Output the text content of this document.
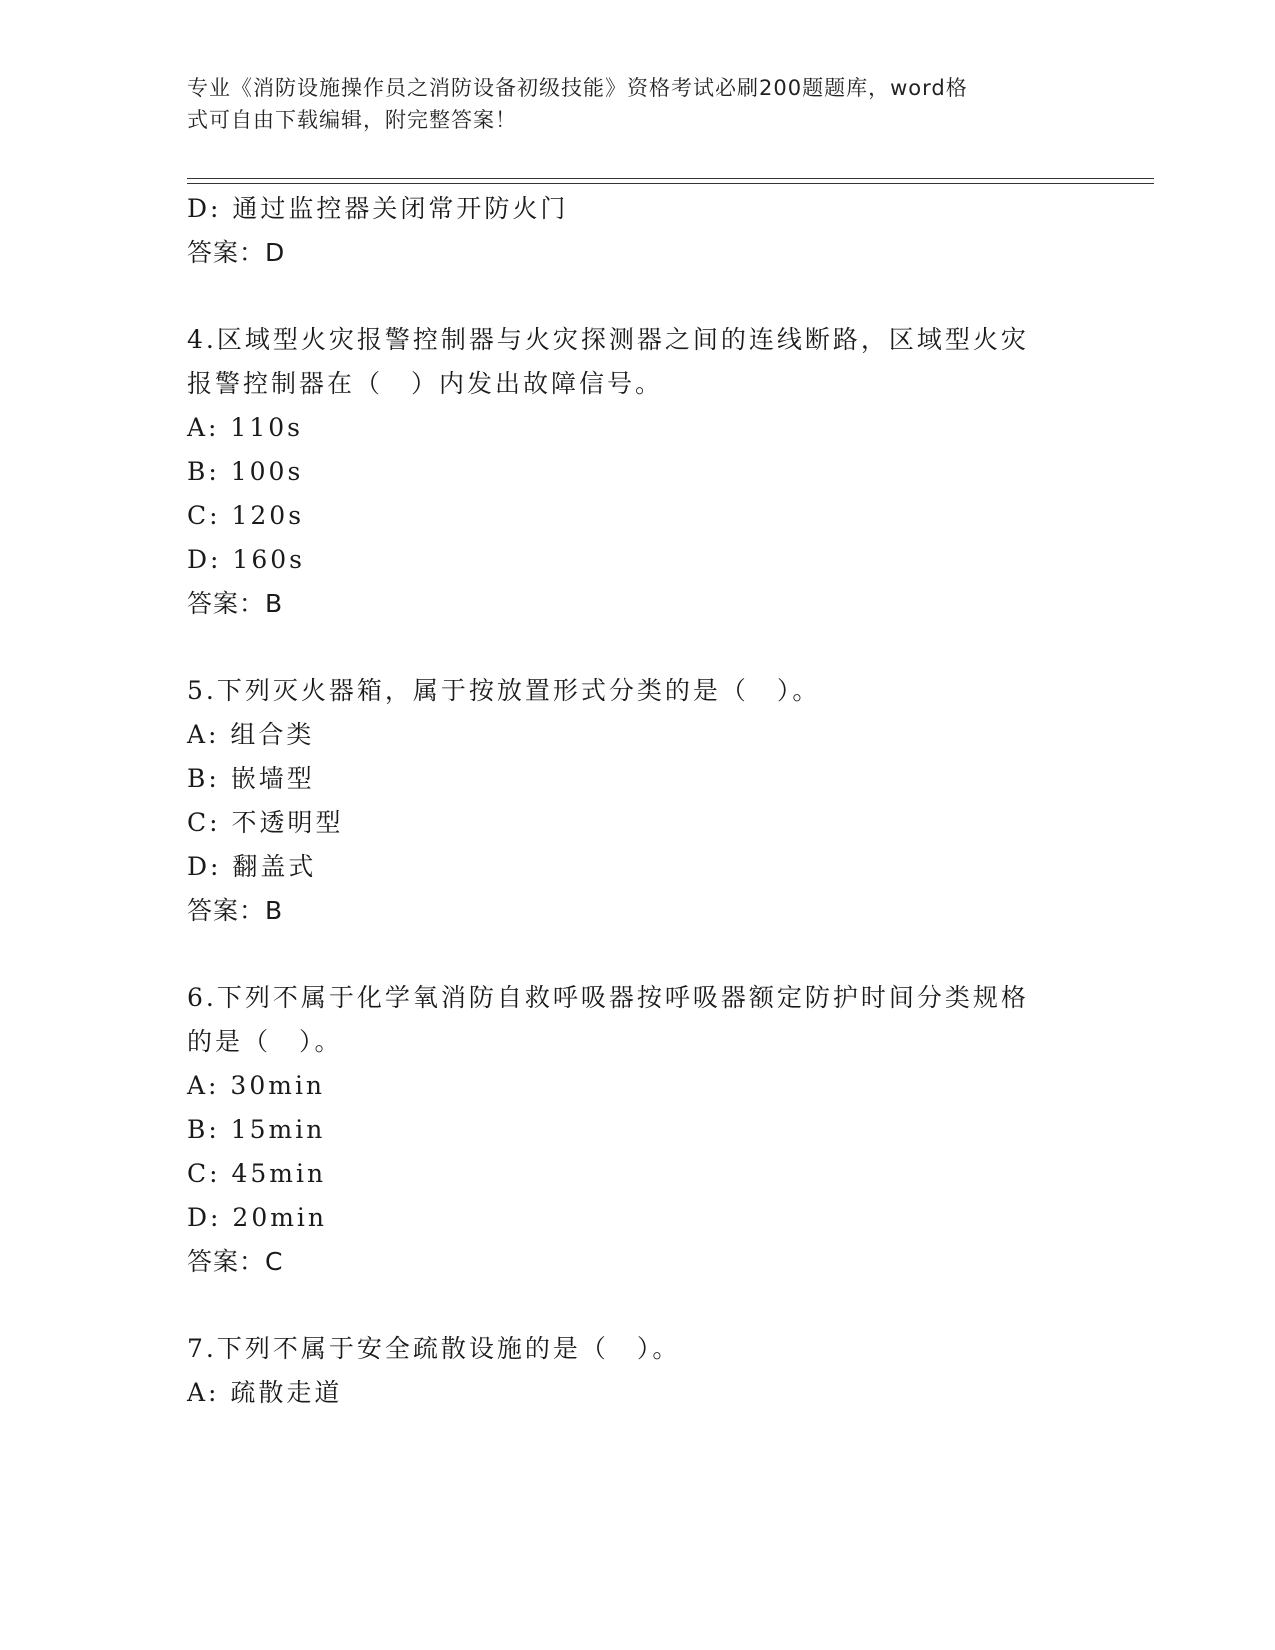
专业《消防设施操作员之消防设备初级技能》资格考试必刷200题题库，word格
式可自由下载编辑，附完整答案！
D: 通过监控器关闭常开防火门
答案：D
4.区域型火灾报警控制器与火灾探测器之间的连线断路，区域型火灾
报警控制器在（　）内发出故障信号。
A: 110s
B: 100s
C: 120s
D: 160s
答案：B
5.下列灭火器箱，属于按放置形式分类的是（　）。
A: 组合类
B: 嵌墙型
C: 不透明型
D: 翻盖式
答案：B
6.下列不属于化学氧消防自救呼吸器按呼吸器额定防护时间分类规格
的是（　）。
A: 30min
B: 15min
C: 45min
D: 20min
答案：C
7.下列不属于安全疏散设施的是（　）。
A: 疏散走道
